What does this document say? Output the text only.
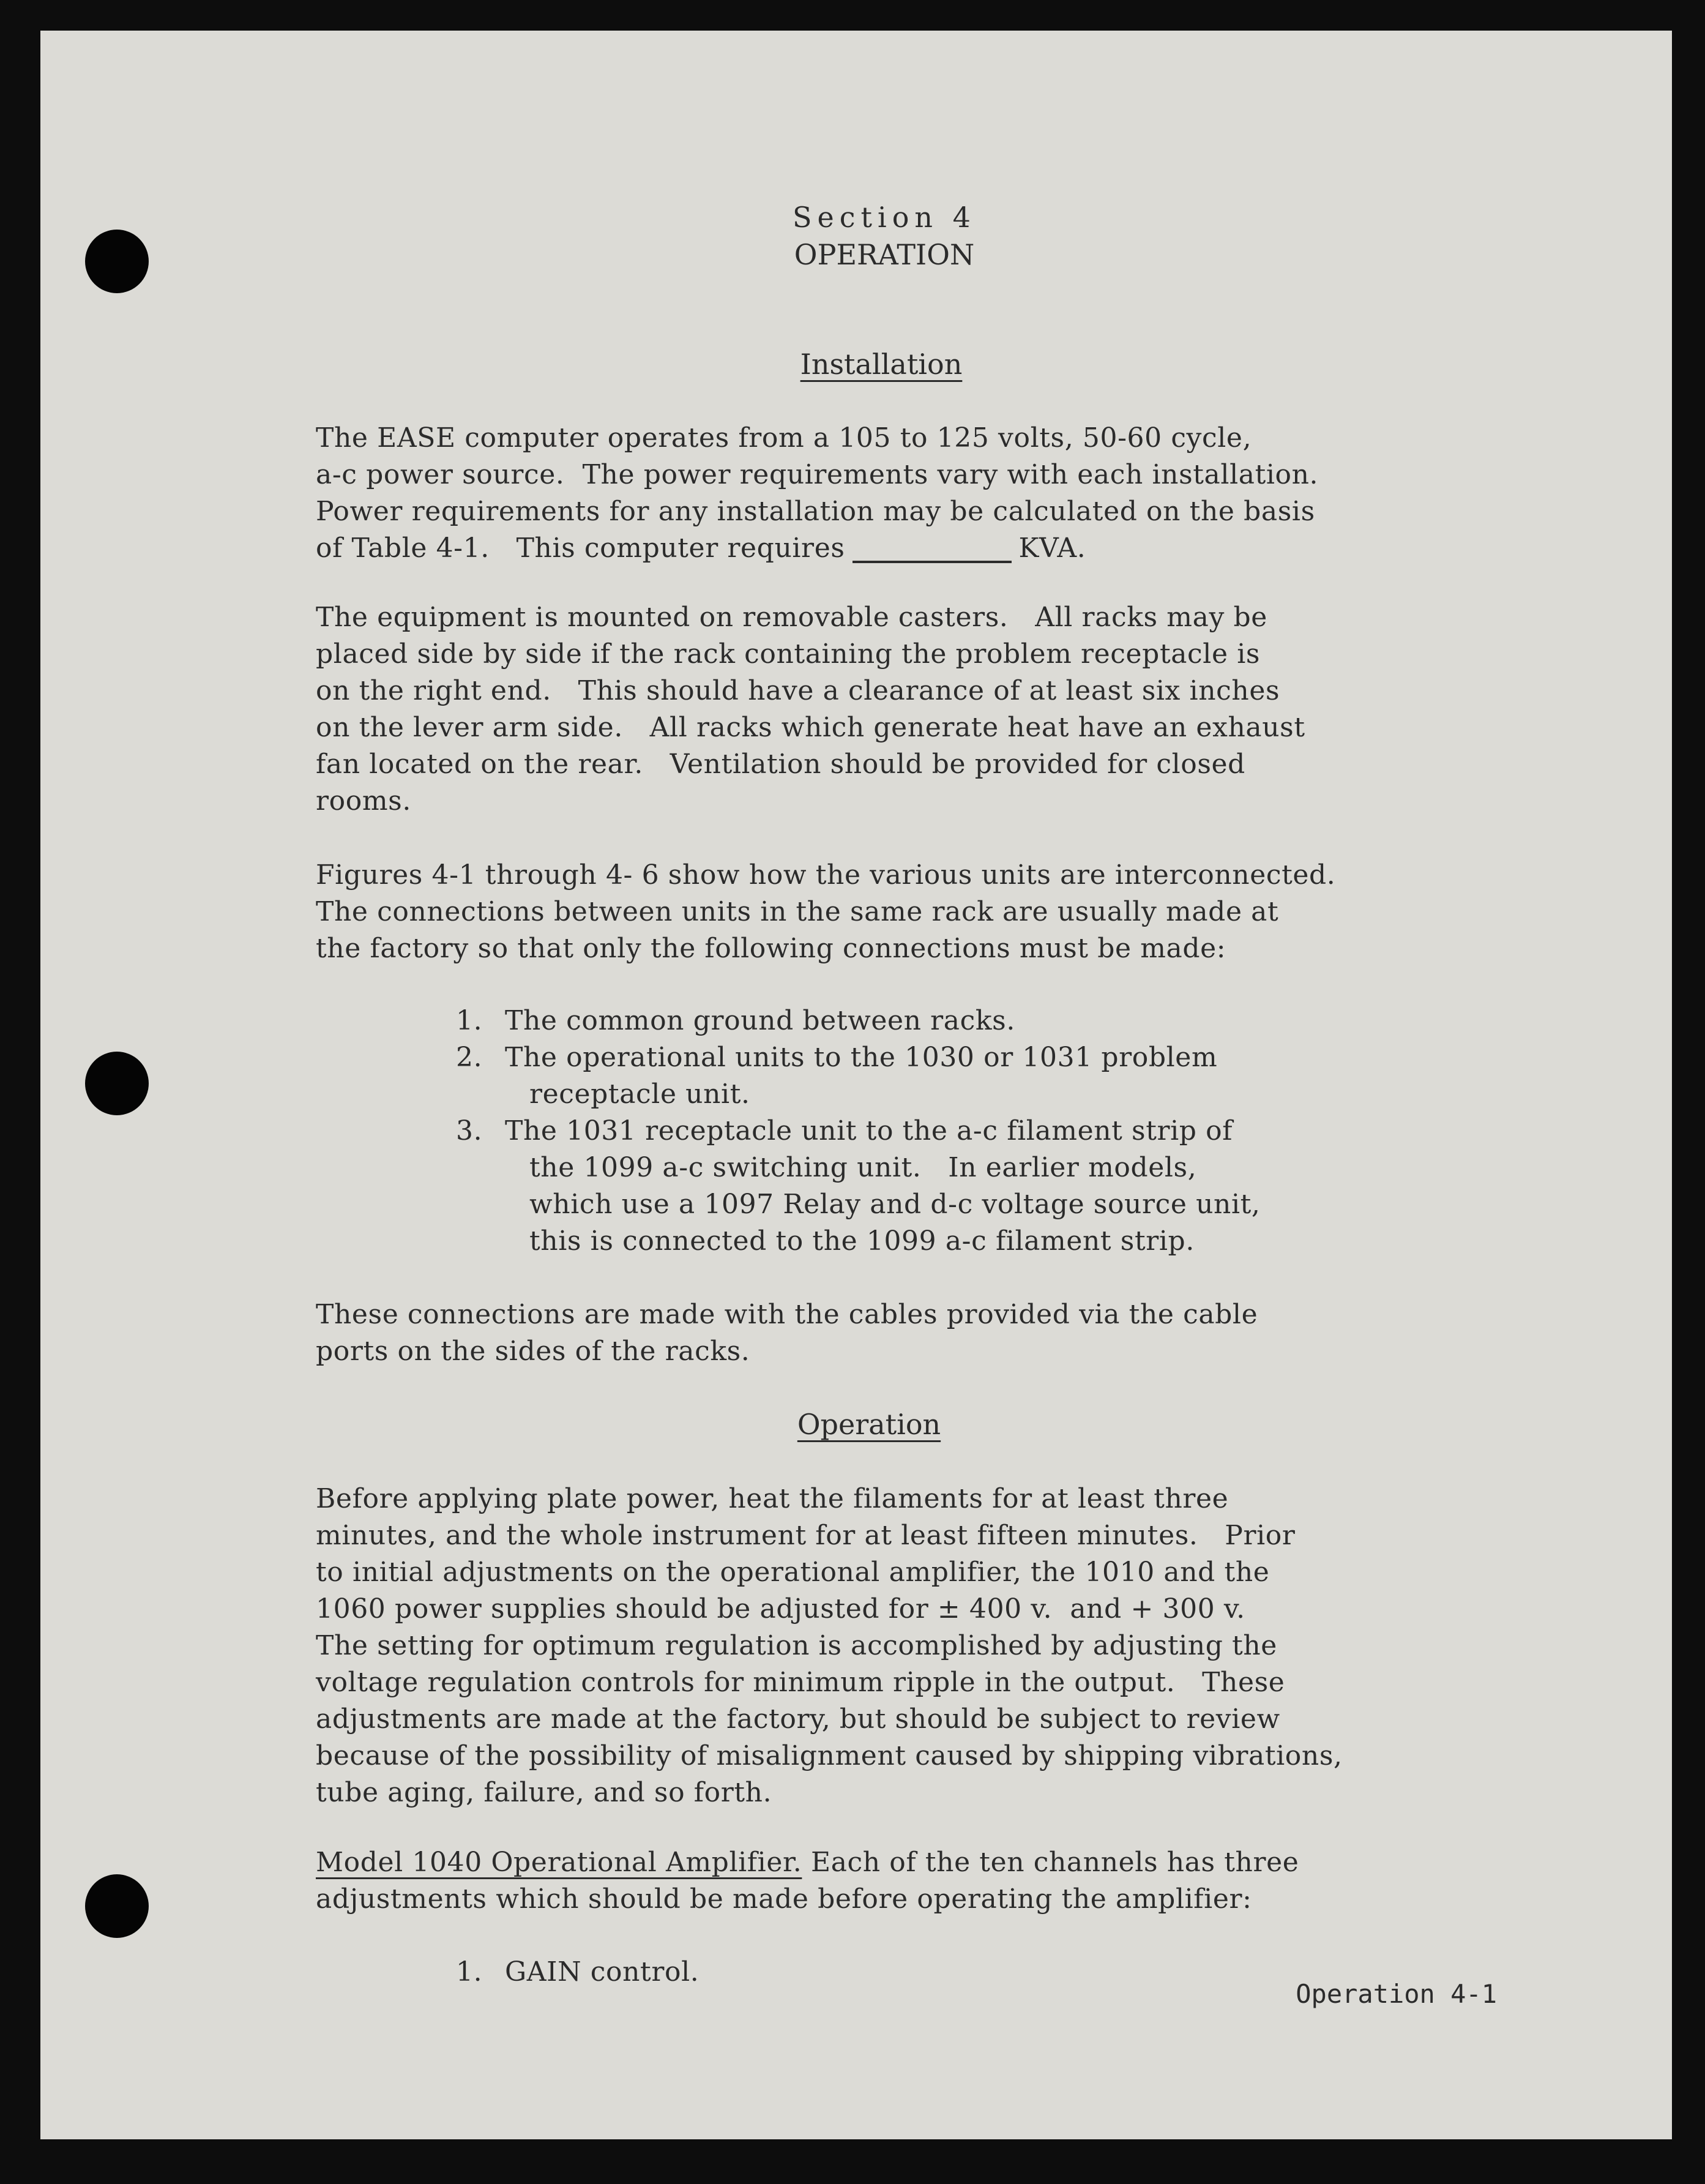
Section 4
OPERATION
Installation
The EASE computer operates from a 105 to 125 volts, 50-60 cycle,
a-c power source.  The power requirements vary with each installation.
Power requirements for any installation may be calculated on the basis
of Table 4-1.   This computer requires	KVA.
The equipment is mounted on removable casters.   All racks may be
placed side by side if the rack containing the problem receptacle is
on the right end.   This should have a clearance of at least six inches
on the lever arm side.   All racks which generate heat have an exhaust
fan located on the rear.   Ventilation should be provided for closed
rooms.
Figures 4-1 through 4- 6 show how the various units are interconnected.
The connections between units in the same rack are usually made at
the factory so that only the following connections must be made:
1. The common ground between racks.
2. The operational units to the 1030 or 1031 problem
receptacle unit.
3. The 1031 receptacle unit to the a-c filament strip of
the 1099 a-c switching unit.   In earlier models,
which use a 1097 Relay and d-c voltage source unit,
this is connected to the 1099 a-c filament strip.
These connections are made with the cables provided via the cable
ports on the sides of the racks.
Operation
Before applying plate power, heat the filaments for at least three
minutes, and the whole instrument for at least fifteen minutes.   Prior
to initial adjustments on the operational amplifier, the 1010 and the
1060 power supplies should be adjusted for ± 400 v.  and + 300 v.
The setting for optimum regulation is accomplished by adjusting the
voltage regulation controls for minimum ripple in the output.   These
adjustments are made at the factory, but should be subject to review
because of the possibility of misalignment caused by shipping vibrations,
tube aging, failure, and so forth.
Model 1040 Operational Amplifier. Each of the ten channels has three
adjustments which should be made before operating the amplifier:
1. GAIN control.
Operation 4-1
